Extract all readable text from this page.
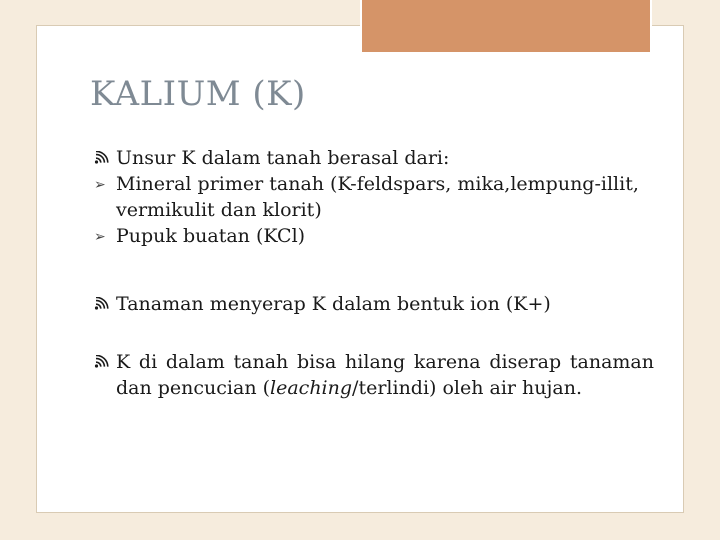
KALIUM (K)
Unsur K dalam tanah berasal dari:
➢ Mineral primer tanah (K-feldspars, mika,lempung-illit, vermikulit dan klorit)
➢ Pupuk buatan (KCl)
Tanaman menyerap K dalam bentuk ion (K+)
K di dalam tanah bisa hilang karena diserap tanaman dan pencucian (leaching/terlindi) oleh air hujan.
